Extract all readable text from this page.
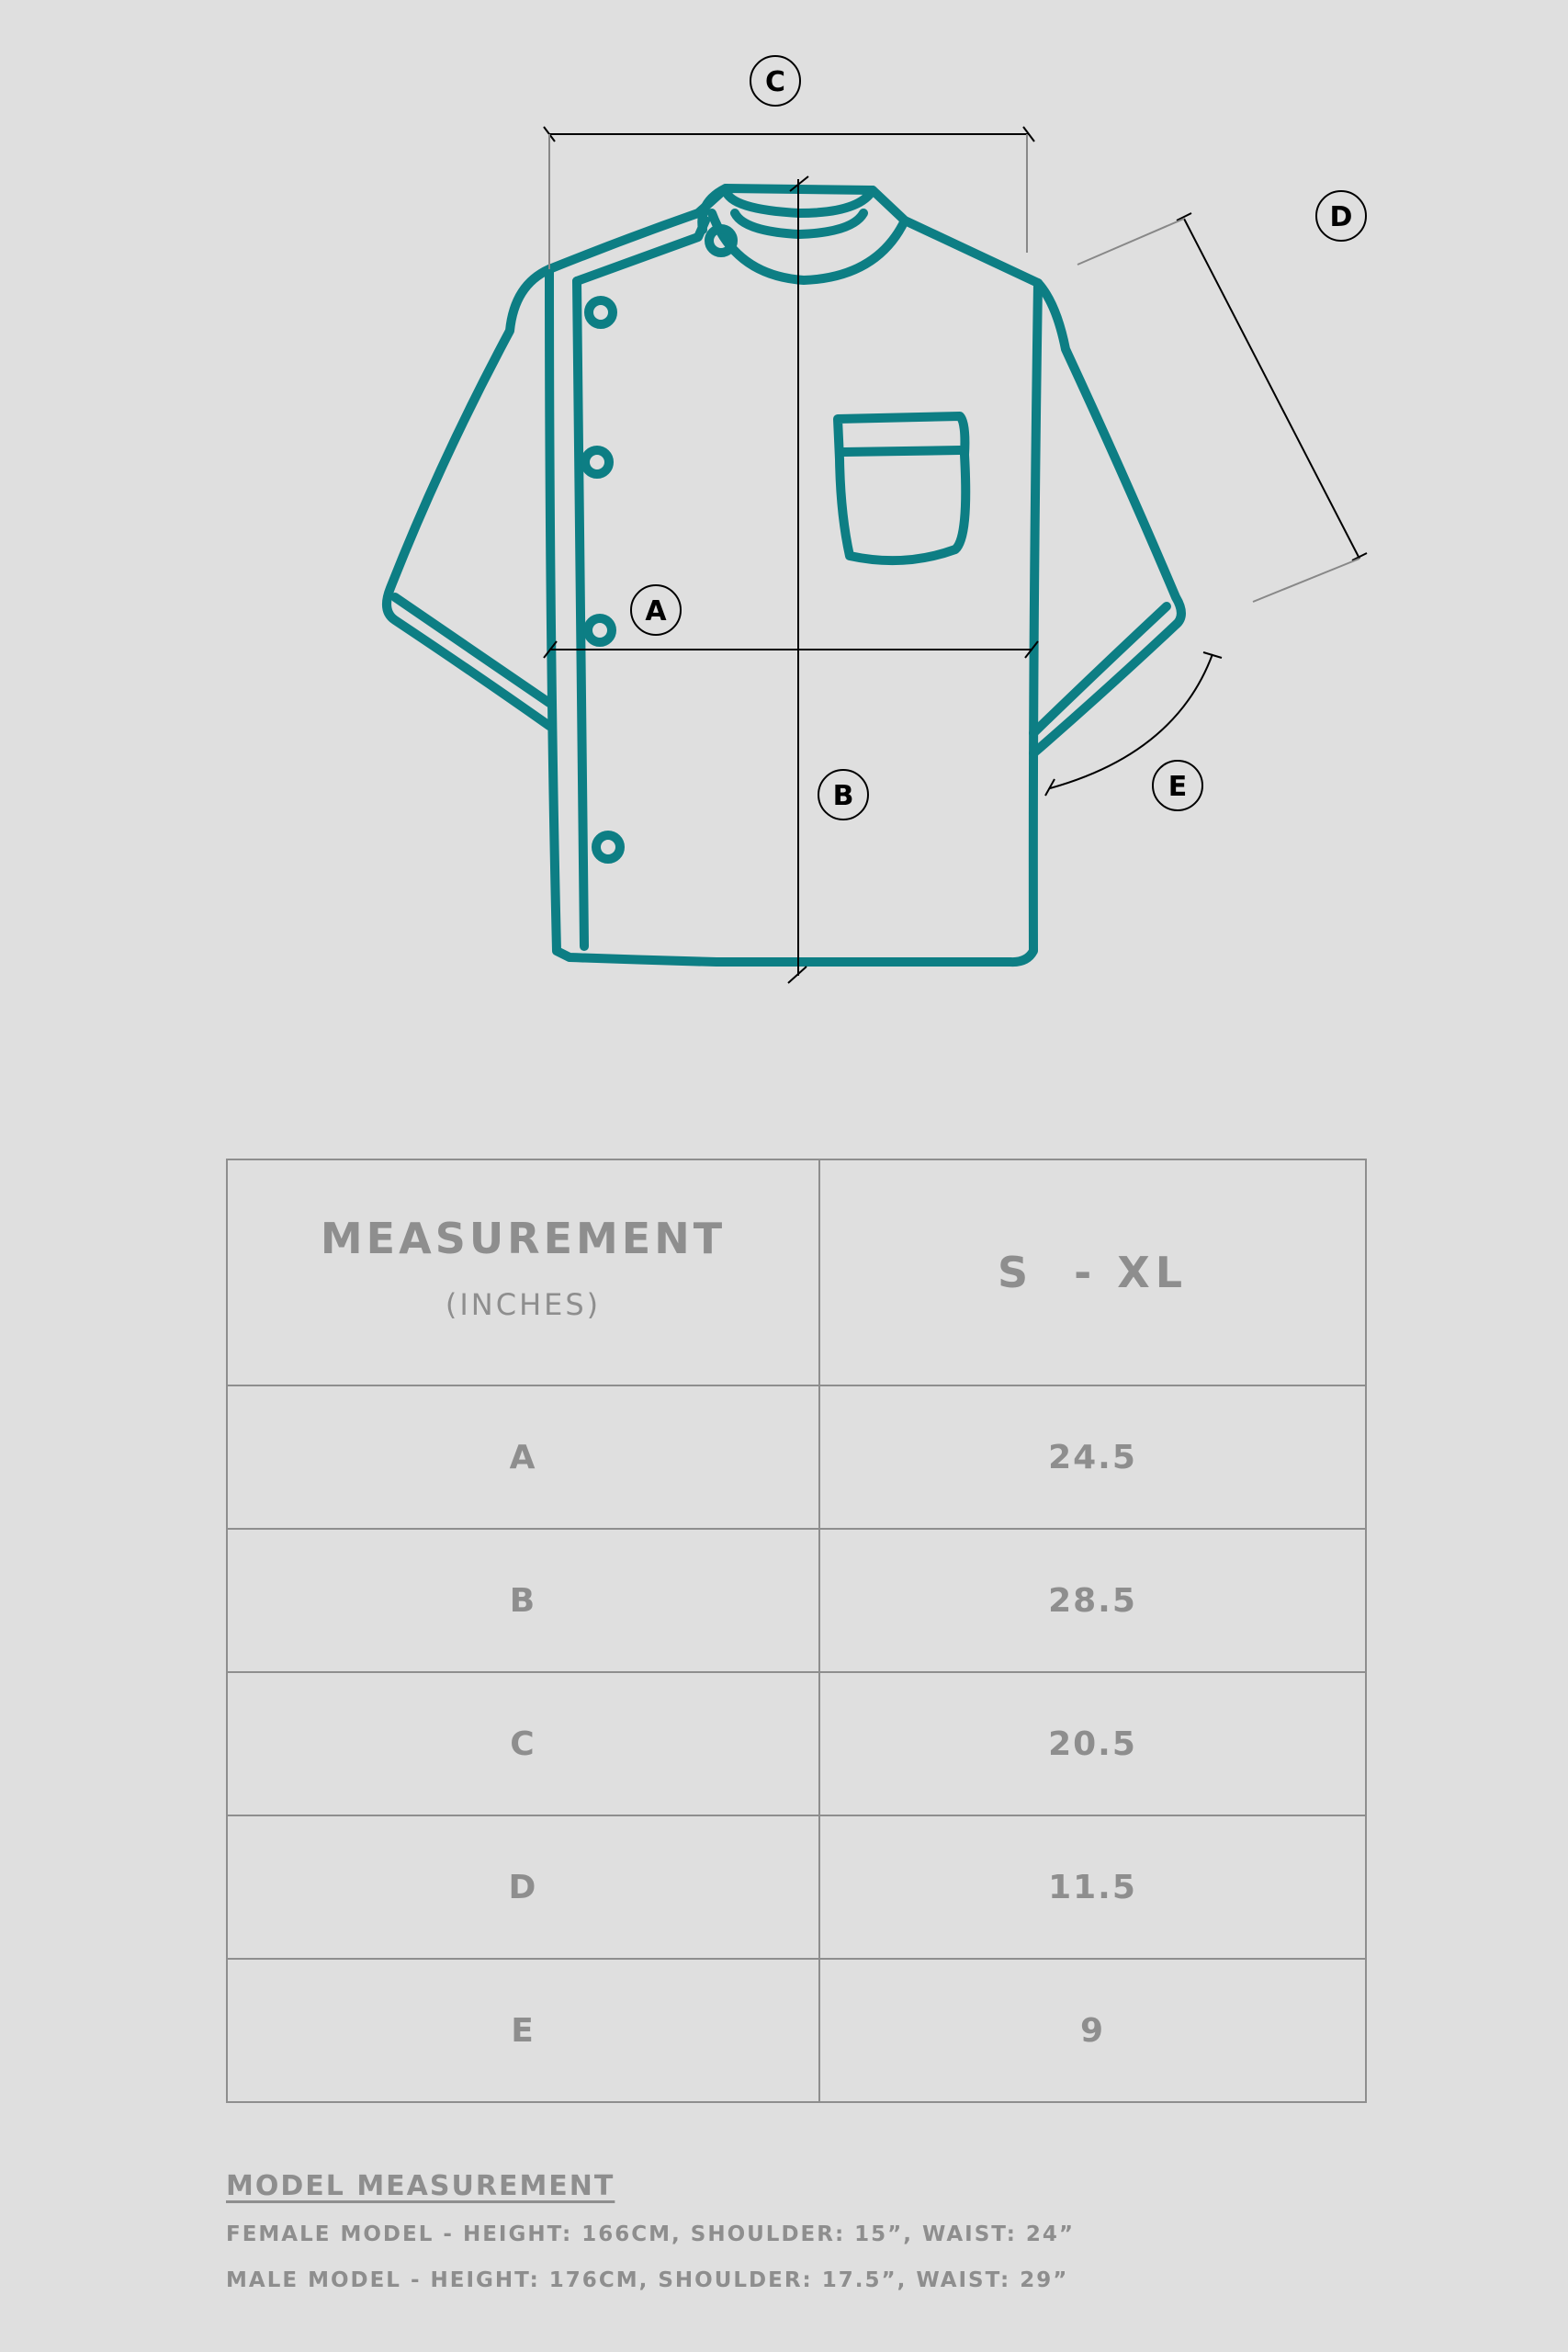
C
D
A
B	E
MEASUREMENT
(INCHES)	S  - XL
A	24.5
B	28.5
C	20.5
D	11.5
E	9
MODEL MEASUREMENT
FEMALE MODEL - HEIGHT: 166CM, SHOULDER: 15”, WAIST: 24”
MALE MODEL - HEIGHT: 176CM, SHOULDER: 17.5”, WAIST: 29”
